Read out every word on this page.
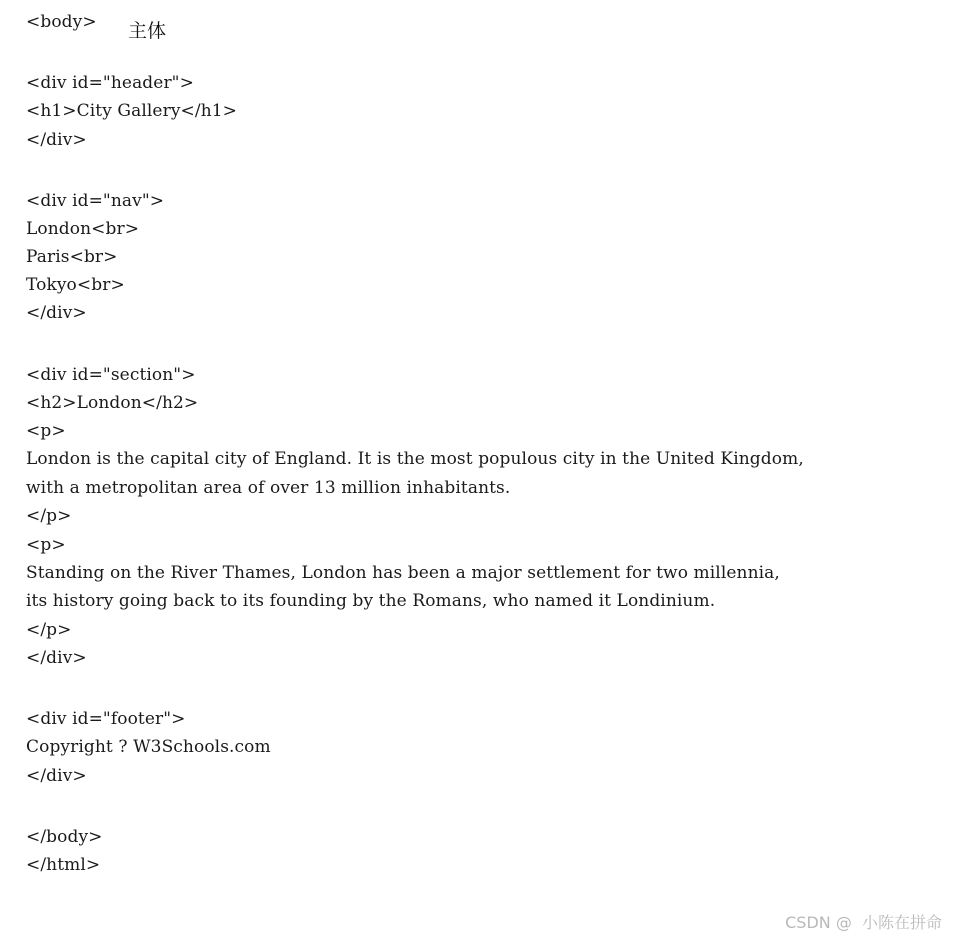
<body>
<div id="header">
<h1>City Gallery</h1>
</div>
<div id="nav">
London<br>
Paris<br>
Tokyo<br>
</div>
<div id="section">
<h2>London</h2>
<p>
London is the capital city of England. It is the most populous city in the United Kingdom,
with a metropolitan area of over 13 million inhabitants.
</p>
<p>
Standing on the River Thames, London has been a major settlement for two millennia,
its history going back to its founding by the Romans, who named it Londinium.
</p>
</div>
<div id="footer">
Copyright ? W3Schools.com
</div>
</body>
</html>
主体
CSDN @  小陈在拼命
